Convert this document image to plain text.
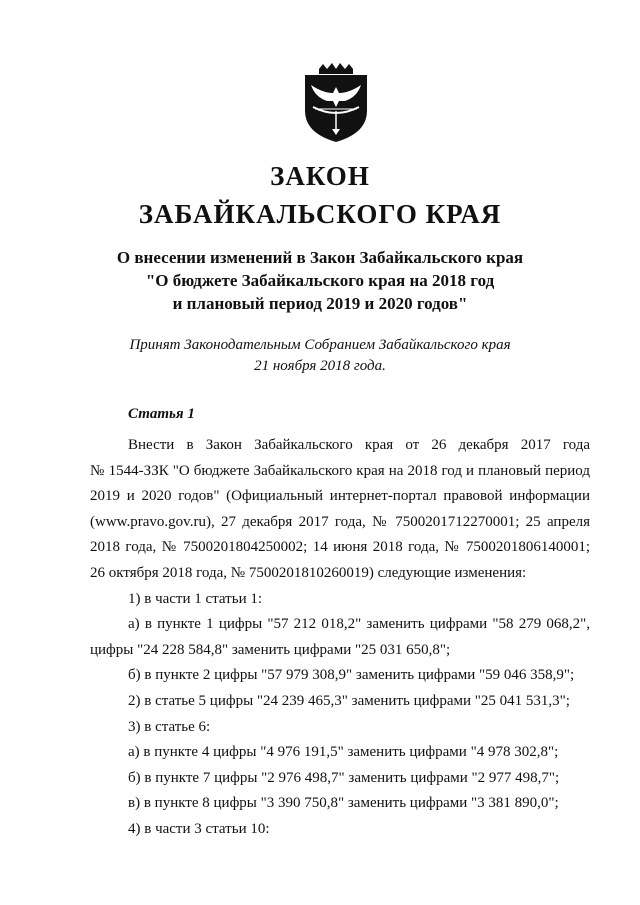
ЗАКОН
ЗАБАЙКАЛЬСКОГО КРАЯ
О внесении изменений в Закон Забайкальского края
"О бюджете Забайкальского края на 2018 год
и плановый период 2019 и 2020 годов"
Принят Законодательным Собранием Забайкальского края
21 ноября 2018 года.
Статья 1
Внести в Закон Забайкальского края от 26 декабря 2017 года
№ 1544-ЗЗК "О бюджете Забайкальского края на 2018 год и плановый период
2019 и 2020 годов" (Официальный интернет-портал правовой информации
(www.pravo.gov.ru), 27 декабря 2017 года, № 7500201712270001; 25 апреля
2018 года, № 7500201804250002; 14 июня 2018 года, № 7500201806140001;
26 октября 2018 года, № 7500201810260019) следующие изменения:
1) в части 1 статьи 1:
а) в пункте 1 цифры "57 212 018,2" заменить цифрами "58 279 068,2",
цифры "24 228 584,8" заменить цифрами "25 031 650,8";
б) в пункте 2 цифры "57 979 308,9" заменить цифрами "59 046 358,9";
2) в статье 5 цифры "24 239 465,3" заменить цифрами "25 041 531,3";
3) в статье 6:
а) в пункте 4 цифры "4 976 191,5" заменить цифрами "4 978 302,8";
б) в пункте 7 цифры "2 976 498,7" заменить цифрами "2 977 498,7";
в) в пункте 8 цифры "3 390 750,8" заменить цифрами "3 381 890,0";
4) в части 3 статьи 10:
